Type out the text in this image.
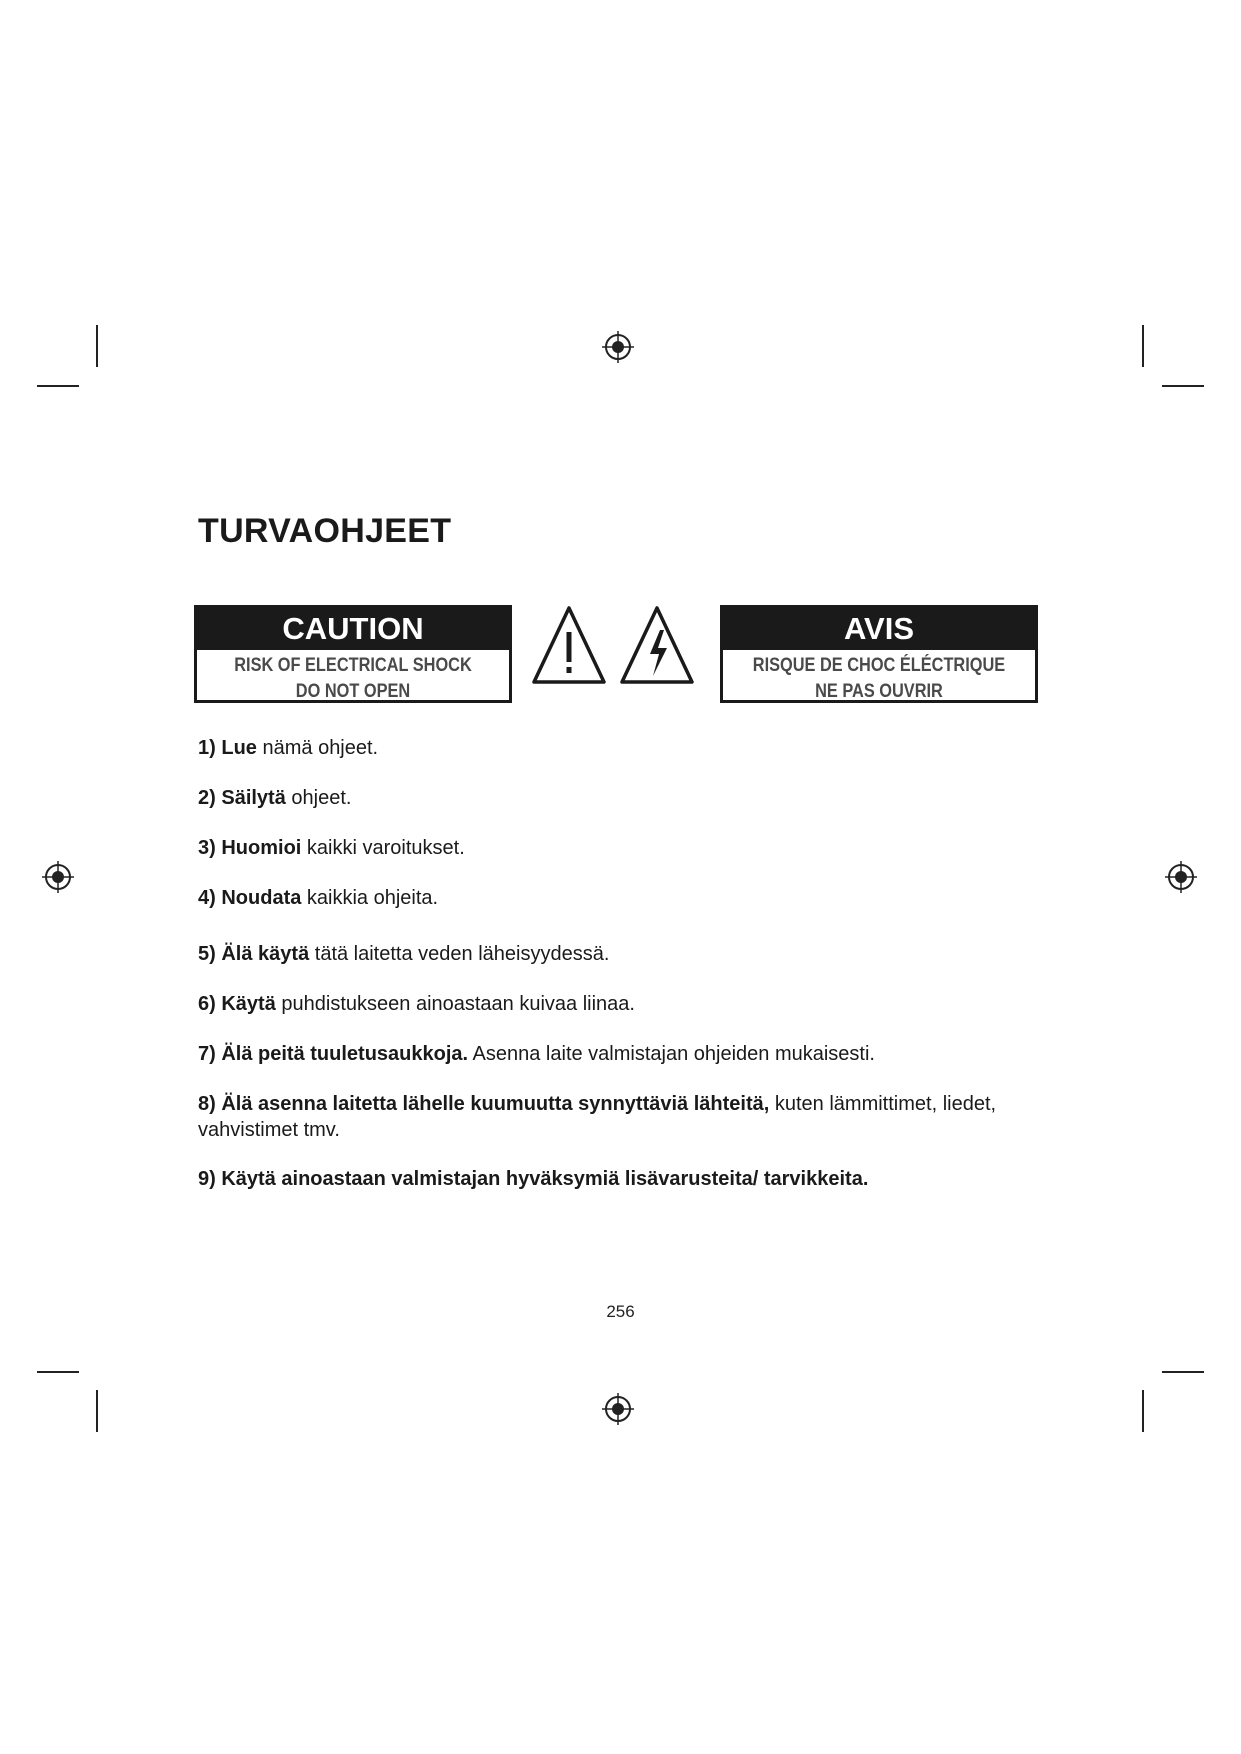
TURVAOHJEET
CAUTION
RISK OF ELECTRICAL SHOCK
DO NOT OPEN
AVIS
RISQUE DE CHOC ÉLÉCTRIQUE
NE PAS OUVRIR
1) Lue nämä ohjeet.
2) Säilytä ohjeet.
3) Huomioi kaikki varoitukset.
4) Noudata kaikkia ohjeita.
5) Älä käytä tätä laitetta veden läheisyydessä.
6) Käytä puhdistukseen ainoastaan kuivaa liinaa.
7) Älä peitä tuuletusaukkoja. Asenna laite valmistajan ohjeiden mukaisesti.
8) Älä asenna laitetta lähelle kuumuutta synnyttäviä lähteitä, kuten lämmittimet, liedet, vahvistimet tmv.
9) Käytä ainoastaan valmistajan hyväksymiä lisävarusteita/ tarvikkeita.
256
